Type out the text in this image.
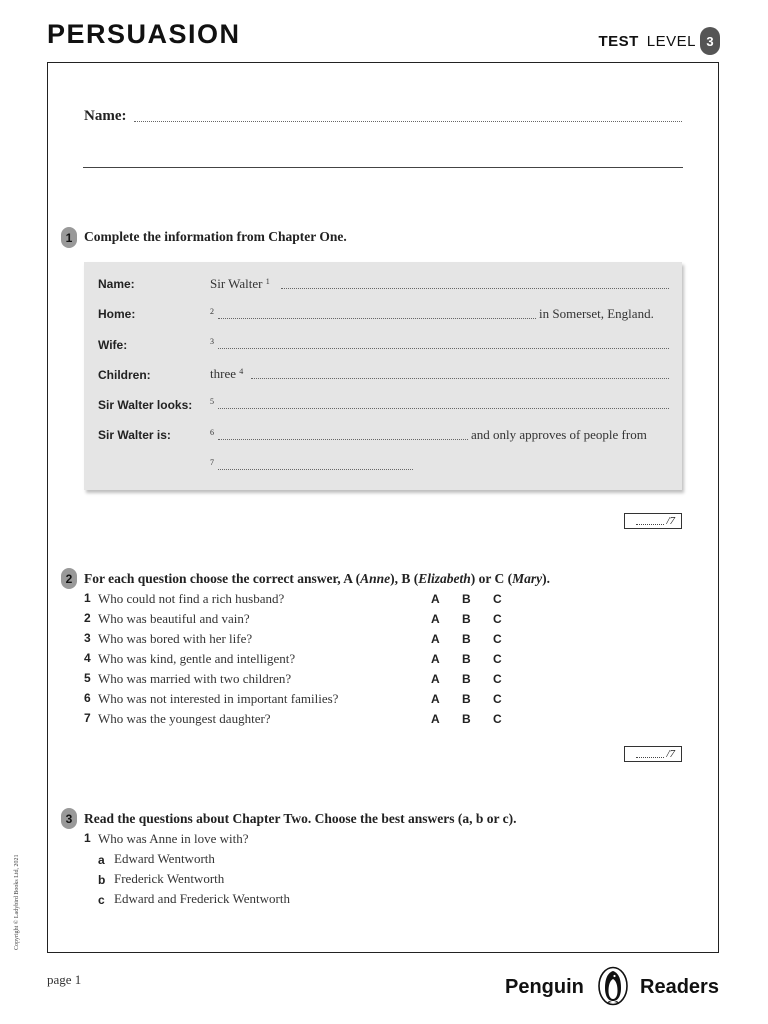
PERSUASION	TEST LEVEL 3
Name:
1 Complete the information from Chapter One.
Name:	Sir Walter $^1$
Home:	$^2$	in Somerset, England.
Wife:	$^3$
Children:	three $^4$
Sir Walter looks: $^5$
Sir Walter is:	$^6$	and only approves of people from
$^7$
/7
2 For each question choose the correct answer, A (Anne), B (Elizabeth) or C (Mary).
1 Who could not find a rich husband?	A B C
2 Who was beautiful and vain?	A B C
3 Who was bored with her life?	A B C
4 Who was kind, gentle and intelligent?	A B C
5 Who was married with two children?	A B C
6 Who was not interested in important families?	A B C
7 Who was the youngest daughter?	A B C
/7
3 Read the questions about Chapter Two. Choose the best answers (a, b or c).
1 Who was Anne in love with?
a Edward Wentworth
b Frederick Wentworth
c Edward and Frederick Wentworth
Copyright © Ladybird Books Ltd, 2021
page 1	Penguin	Readers
